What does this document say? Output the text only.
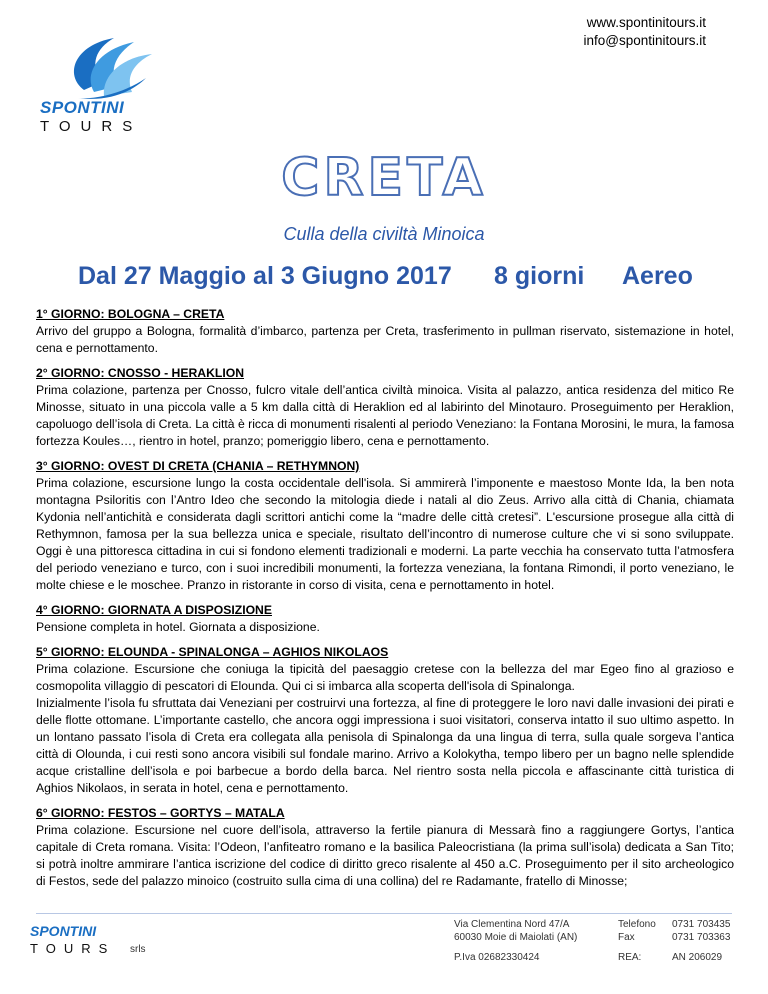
www.spontinitours.it
info@spontinitours.it
SPONTINI
TOURS
CRETA
Culla della civiltà Minoica
Dal 27 Maggio al 3 Giugno 2017 8 giorni Aereo
1° GIORNO: BOLOGNA – CRETA

Arrivo del gruppo a Bologna, formalità d’imbarco, partenza per Creta, trasferimento in pullman riservato, sistemazione in hotel, cena e pernottamento.

2° GIORNO: CNOSSO - HERAKLION

Prima colazione, partenza per Cnosso, fulcro vitale dell’antica civiltà minoica. Visita al palazzo, antica residenza del mitico Re Minosse, situato in una piccola valle a 5 km dalla città di Heraklion ed al labirinto del Minotauro. Proseguimento per Heraklion, capoluogo dell’isola di Creta. La città è ricca di monumenti risalenti al periodo Veneziano: la Fontana Morosini, le mura, la famosa fortezza Koules…, rientro in hotel, pranzo; pomeriggio libero, cena e pernottamento.

3° GIORNO: OVEST DI CRETA (CHANIA – RETHYMNON)

Prima colazione, escursione lungo la costa occidentale dell'isola. Si ammirerà l’imponente e maestoso Monte Ida, la ben nota montagna Psiloritis con l’Antro Ideo che secondo la mitologia diede i natali al dio Zeus. Arrivo alla città di Chania, chiamata Kydonia nell’antichità e considerata dagli scrittori antichi come la “madre delle città cretesi”. L'escursione prosegue alla città di Rethymnon, famosa per la sua bellezza unica e speciale, risultato dell’incontro di numerose culture che vi si sono sviluppate. Oggi è una pittoresca cittadina in cui si fondono elementi tradizionali e moderni. La parte vecchia ha conservato tutta l’atmosfera del periodo veneziano e turco, con i suoi incredibili monumenti, la fortezza veneziana, la fontana Rimondi, il porto veneziano, le molte chiese e le moschee. Pranzo in ristorante in corso di visita, cena e pernottamento in hotel.

4° GIORNO: GIORNATA A DISPOSIZIONE

Pensione completa in hotel. Giornata a disposizione.

5° GIORNO: ELOUNDA - SPINALONGA – AGHIOS NIKOLAOS

Prima colazione. Escursione che coniuga la tipicità del paesaggio cretese con la bellezza del mar Egeo fino al grazioso e cosmopolita villaggio di pescatori di Elounda. Qui ci si imbarca alla scoperta dell'isola di Spinalonga.

Inizialmente l’isola fu sfruttata dai Veneziani per costruirvi una fortezza, al fine di proteggere le loro navi dalle invasioni dei pirati e delle flotte ottomane. L’importante castello, che ancora oggi impressiona i suoi visitatori, conserva intatto il suo ultimo aspetto. In un lontano passato l’isola di Creta era collegata alla penisola di Spinalonga da una lingua di terra, sulla quale sorgeva l’antica città di Olounda, i cui resti sono ancora visibili sul fondale marino. Arrivo a Kolokytha, tempo libero per un bagno nelle splendide acque cristalline dell’isola e poi barbecue a bordo della barca. Nel rientro sosta nella piccola e affascinante città turistica di Aghios Nikolaos, in serata in hotel, cena e pernottamento.

6° GIORNO: FESTOS – GORTYS – MATALA

Prima colazione. Escursione nel cuore dell’isola, attraverso la fertile pianura di Messarà fino a raggiungere Gortys, l’antica capitale di Creta romana. Visita: l’Odeon, l’anfiteatro romano e la basilica Paleocristiana (la prima sull’isola) dedicata a San Tito; si potrà inoltre ammirare l’antica iscrizione del codice di diritto greco risalente al 450 a.C. Proseguimento per il sito archeologico di Festos, sede del palazzo minoico (costruito sulla cima di una collina) del re Radamante, fratello di Minosse;

SPONTINI
TOURS srls
Via Clementina Nord 47/A
60030 Moie di Maiolati (AN)
P.Iva 02682330424
Telefono
Fax
0731 703435
0731 703363
REA:	AN 206029
